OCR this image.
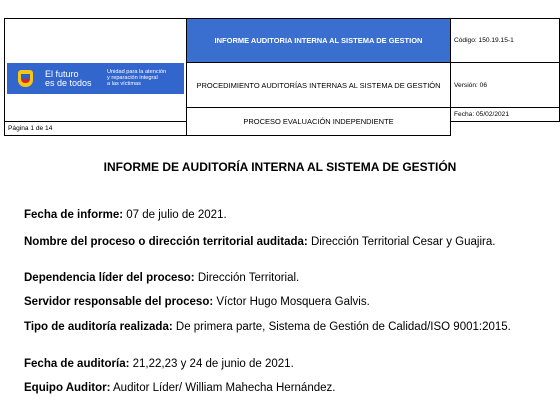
El futuro
es de todos
Unidad para la atención
y reparación integral
a las víctimas	INFORME AUDITORIA INTERNA AL SISTEMA DE GESTION	Código: 150.19.15-1
	PROCEDIMIENTO AUDITORÍAS INTERNAS AL SISTEMA DE GESTIÓN	Versión: 06
	PROCESO EVALUACIÓN INDEPENDIENTE	Fecha: 05/02/2021
Página 1 de 14		
INFORME DE AUDITORÍA INTERNA AL SISTEMA DE GESTIÓN
Fecha de informe: 07 de julio de 2021.
Nombre del proceso o dirección territorial auditada: Dirección Territorial Cesar y Guajira.
Dependencia líder del proceso: Dirección Territorial.
Servidor responsable del proceso: Víctor Hugo Mosquera Galvis.
Tipo de auditoría realizada: De primera parte, Sistema de Gestión de Calidad/ISO 9001:2015.
Fecha de auditoría: 21,22,23 y 24 de junio de 2021.
Equipo Auditor: Auditor Líder/ William Mahecha Hernández.
